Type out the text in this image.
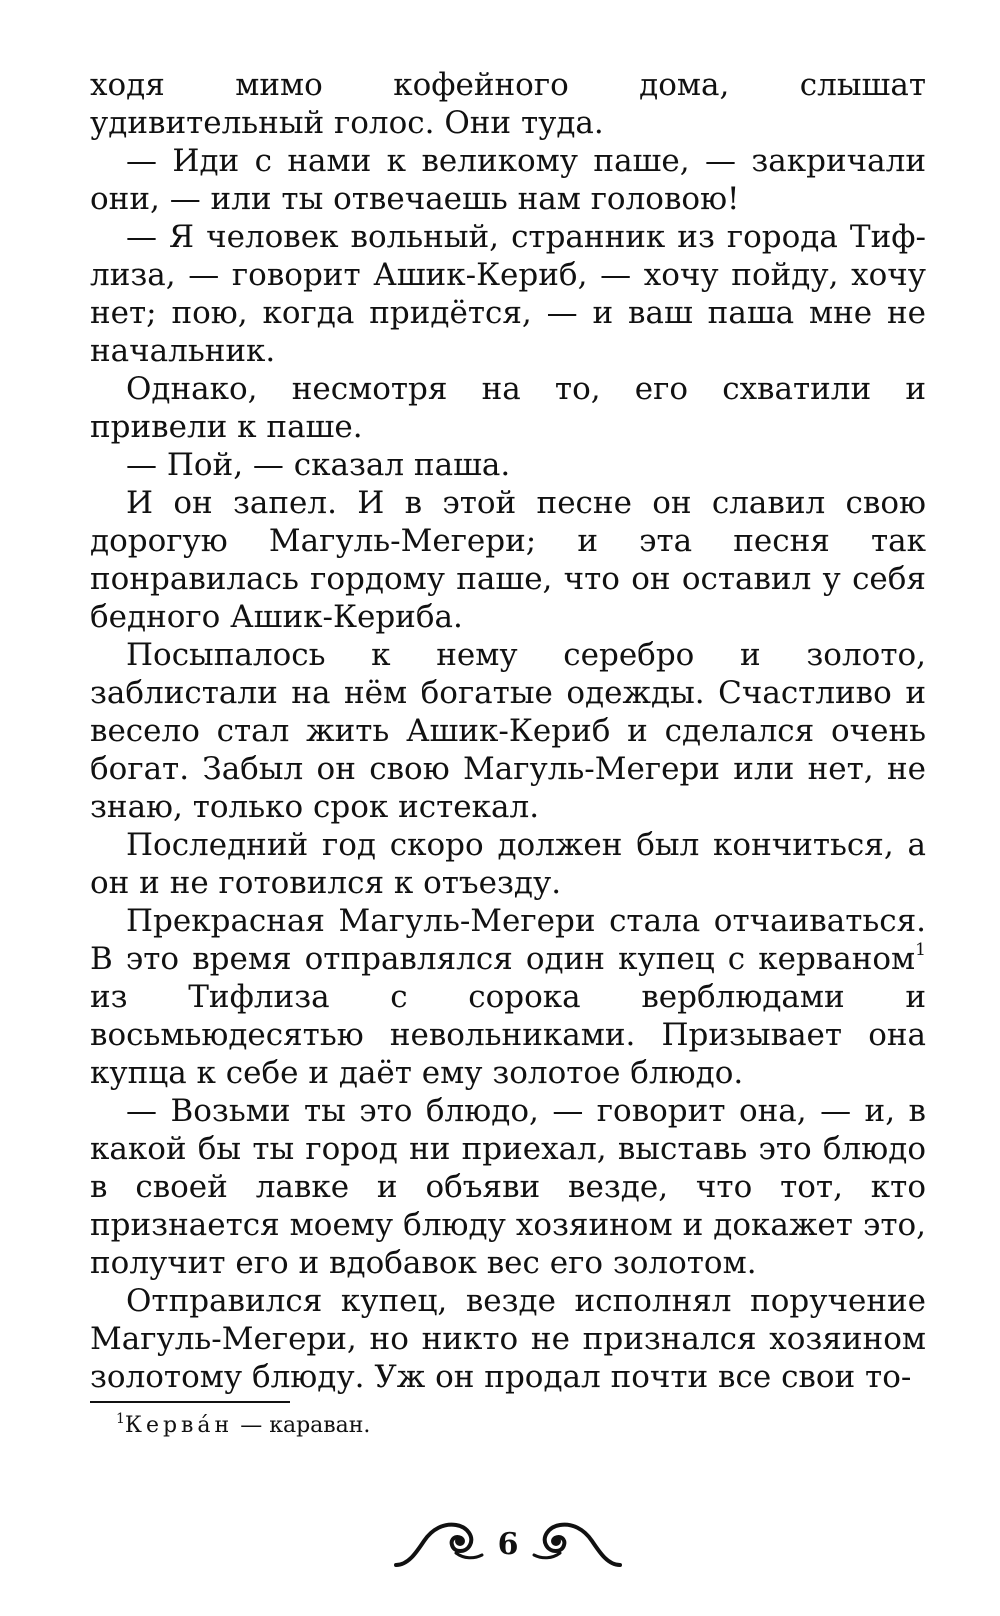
ходя мимо кофейного дома, слышат удивительный голос. Они туда.

— Иди с нами к великому паше, — закричали они, — или ты отвечаешь нам головою!

— Я человек вольный, странник из города Тифлиза, — говорит Ашик-Кериб, — хочу пойду, хочу нет; пою, когда придётся, — и ваш паша мне не начальник.

Однако, несмотря на то, его схватили и привели к паше.

— Пой, — сказал паша.

И он запел. И в этой песне он славил свою дорогую Магуль-Мегери; и эта песня так понравилась гордому паше, что он оставил у себя бедного Ашик-Кериба.

Посыпалось к нему серебро и золото, заблистали на нём богатые одежды. Счастливо и весело стал жить Ашик-Кериб и сделался очень богат. Забыл он свою Магуль-Мегери или нет, не знаю, только срок истекал.

Последний год скоро должен был кончиться, а он и не готовился к отъезду.

Прекрасная Магуль-Мегери стала отчаиваться. В это время отправлялся один купец с керваном$^1$ из Тифлиза с сорока верблюдами и восьмьюдесятью невольниками. Призывает она купца к себе и даёт ему золотое блюдо.

— Возьми ты это блюдо, — говорит она, — и, в какой бы ты город ни приехал, выставь это блюдо в своей лавке и объяви везде, что тот, кто признается моему блюду хозяином и докажет это, получит его и вдобавок вес его золотом.

Отправился купец, везде исполнял поручение Магуль-Мегери, но никто не признался хозяином золотому блюду. Уж он продал почти все свои то-

$^1$Кервáн — караван.
6
